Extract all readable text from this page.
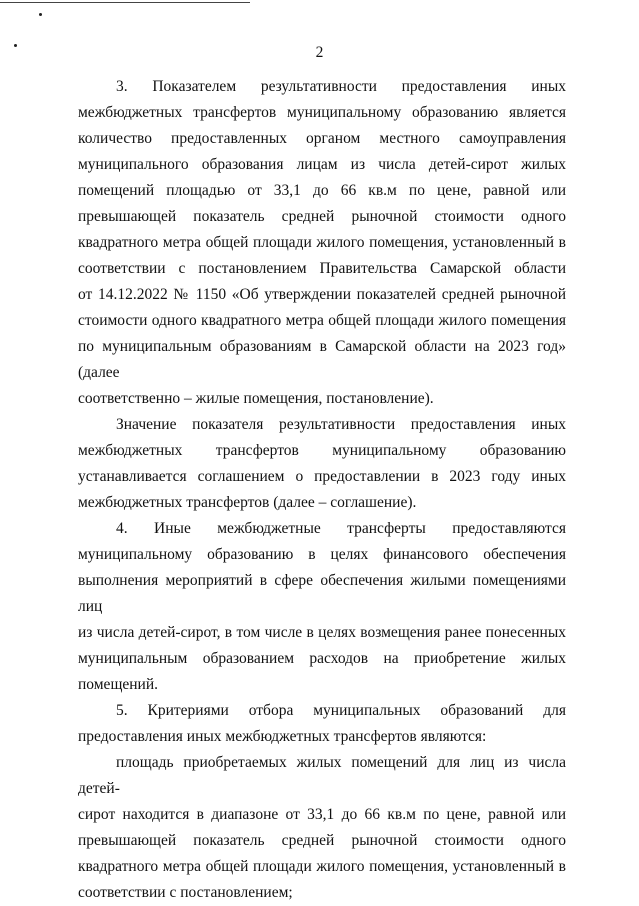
2

3. Показателем результативности предоставления иных

межбюджетных трансфертов муниципальному образованию является

количество предоставленных органом местного самоуправления

муниципального образования лицам из числа детей-сирот жилых

помещений площадью от 33,1 до 66 кв.м по цене, равной или

превышающей показатель средней рыночной стоимости одного

квадратного метра общей площади жилого помещения, установленный в

соответствии с постановлением Правительства Самарской области

от 14.12.2022 № 1150 «Об утверждении показателей средней рыночной

стоимости одного квадратного метра общей площади жилого помещения

по муниципальным образованиям в Самарской области на 2023 год» (далее

соответственно – жилые помещения, постановление).

Значение показателя результативности предоставления иных

межбюджетных трансфертов муниципальному образованию

устанавливается соглашением о предоставлении в 2023 году иных

межбюджетных трансфертов (далее – соглашение).

4. Иные межбюджетные трансферты предоставляются

муниципальному образованию в целях финансового обеспечения

выполнения мероприятий в сфере обеспечения жилыми помещениями лиц

из числа детей-сирот, в том числе в целях возмещения ранее понесенных

муниципальным образованием расходов на приобретение жилых

помещений.

5. Критериями отбора муниципальных образований для

предоставления иных межбюджетных трансфертов являются:

площадь приобретаемых жилых помещений для лиц из числа детей-

сирот находится в диапазоне от 33,1 до 66 кв.м по цене, равной или

превышающей показатель средней рыночной стоимости одного

квадратного метра общей площади жилого помещения, установленный в

соответствии с постановлением;
